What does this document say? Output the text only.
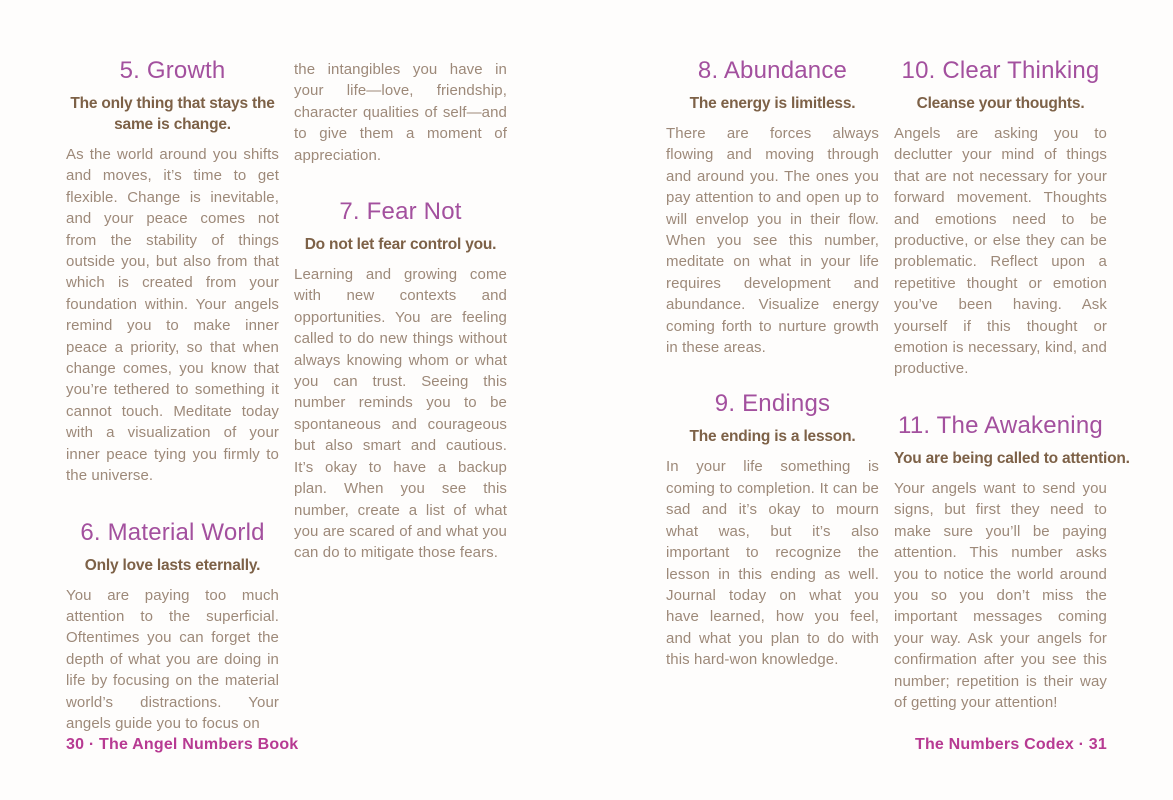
5. Growth

The only thing that stays the same is change.

As the world around you shifts and moves, it’s time to get flexible. Change is inevitable, and your peace comes not from the stability of things outside you, but also from that which is created from your foundation within. Your angels remind you to make inner peace a priority, so that when change comes, you know that you’re tethered to something it cannot touch. Meditate today with a visualization of your inner peace tying you firmly to the universe.

6. Material World

Only love lasts eternally.

You are paying too much attention to the superficial. Oftentimes you can forget the depth of what you are doing in life by focusing on the material world’s distractions. Your angels guide you to focus on

the intangibles you have in your life—love, friendship, character qualities of self—and to give them a moment of appreciation.

7. Fear Not

Do not let fear control you.

Learning and growing come with new contexts and opportunities. You are feeling called to do new things without always knowing whom or what you can trust. Seeing this number reminds you to be spontaneous and courageous but also smart and cautious. It’s okay to have a backup plan. When you see this number, create a list of what you are scared of and what you can do to mitigate those fears.

8. Abundance

The energy is limitless.

There are forces always flowing and moving through and around you. The ones you pay attention to and open up to will envelop you in their flow. When you see this number, meditate on what in your life requires development and abundance. Visualize energy coming forth to nurture growth in these areas.

9. Endings

The ending is a lesson.

In your life something is coming to completion. It can be sad and it’s okay to mourn what was, but it’s also important to recognize the lesson in this ending as well. Journal today on what you have learned, how you feel, and what you plan to do with this hard-won knowledge.

10. Clear Thinking

Cleanse your thoughts.

Angels are asking you to declutter your mind of things that are not necessary for your forward movement. Thoughts and emotions need to be productive, or else they can be problematic. Reflect upon a repetitive thought or emotion you’ve been having. Ask yourself if this thought or emotion is necessary, kind, and productive.

11. The Awakening

You are being called to attention.

Your angels want to send you signs, but first they need to make sure you’ll be paying attention. This number asks you to notice the world around you so you don’t miss the important messages coming your way. Ask your angels for confirmation after you see this number; repetition is their way of getting your attention!

30 · The Angel Numbers Book	The Numbers Codex · 31
